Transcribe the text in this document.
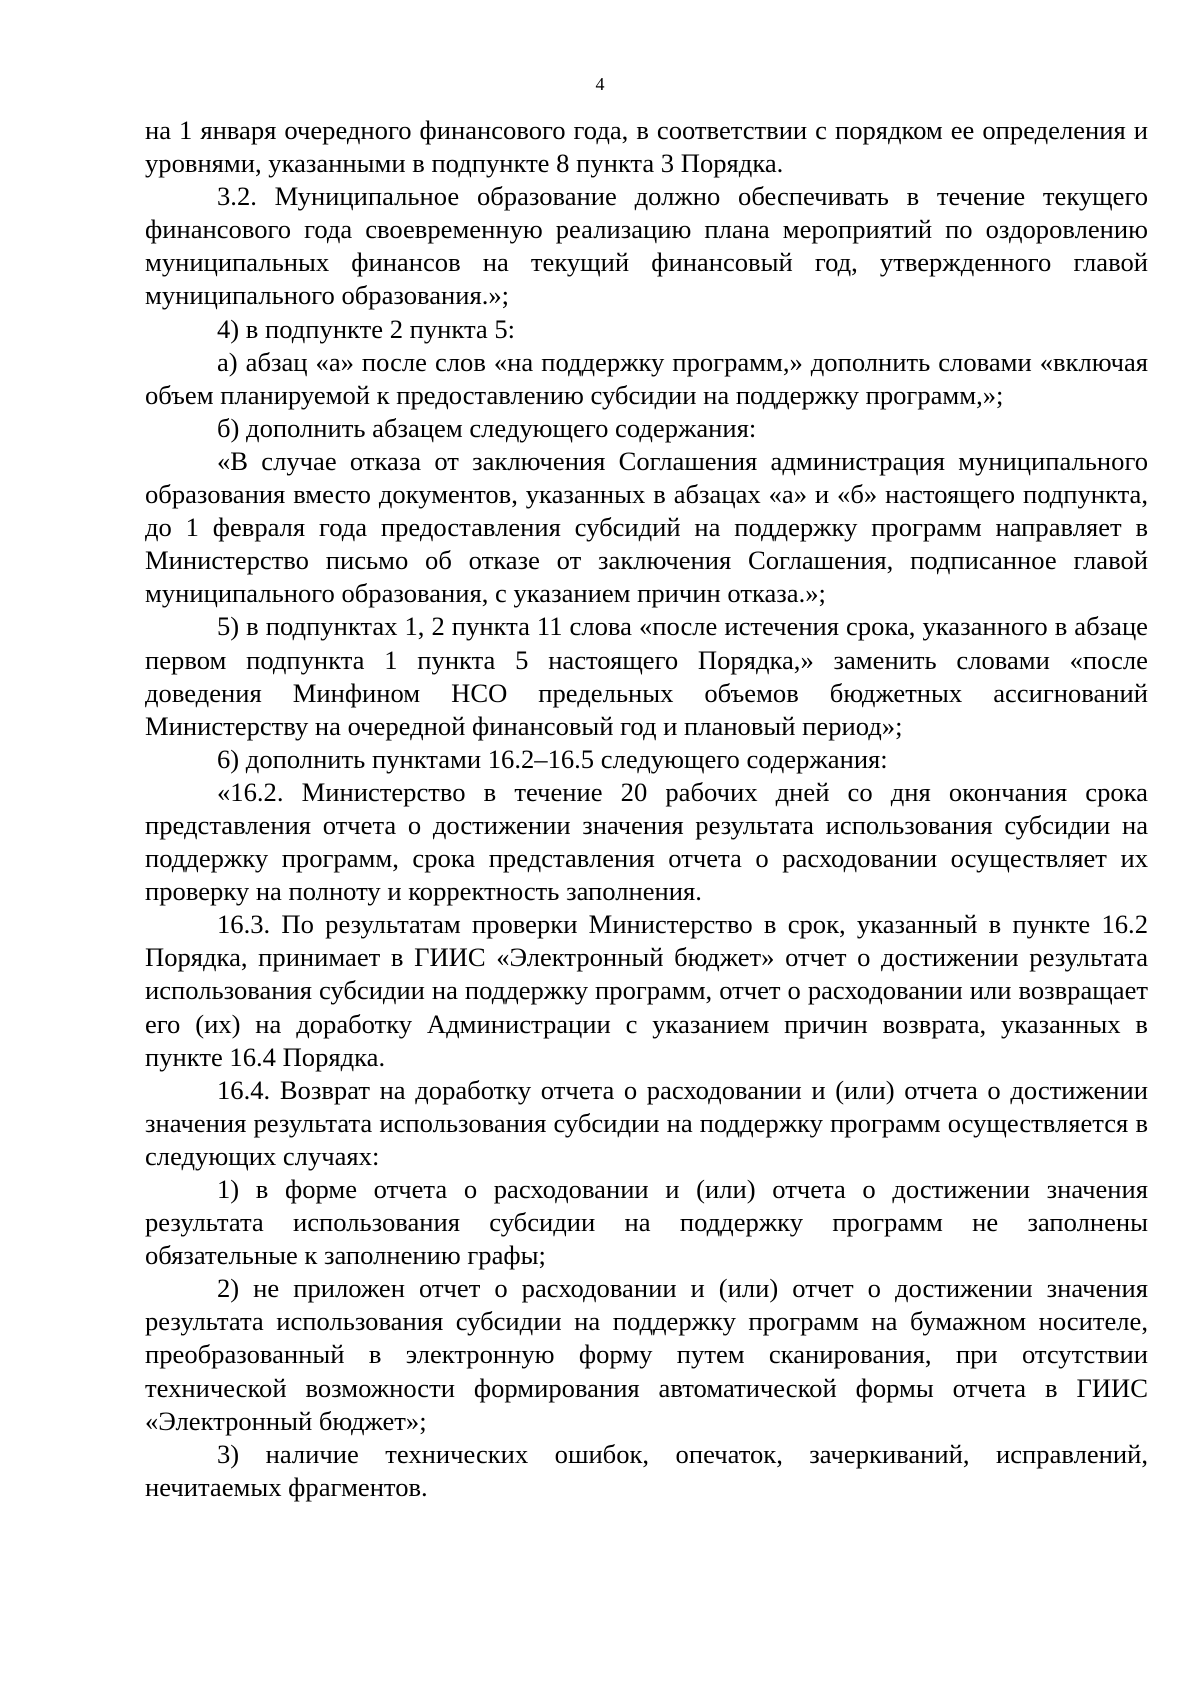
4

на 1 января очередного финансового года, в соответствии с порядком ее определения и уровнями, указанными в подпункте 8 пункта 3 Порядка.

3.2. Муниципальное образование должно обеспечивать в течение текущего финансового года своевременную реализацию плана мероприятий по оздоровлению муниципальных финансов на текущий финансовый год, утвержденного главой муниципального образования.»;

4) в подпункте 2 пункта 5:

а) абзац «а» после слов «на поддержку программ,» дополнить словами «включая объем планируемой к предоставлению субсидии на поддержку программ,»;

б) дополнить абзацем следующего содержания:

«В случае отказа от заключения Соглашения администрация муниципального образования вместо документов, указанных в абзацах «а» и «б» настоящего подпункта, до 1 февраля года предоставления субсидий на поддержку программ направляет в Министерство письмо об отказе от заключения Соглашения, подписанное главой муниципального образования, с указанием причин отказа.»;

5) в подпунктах 1, 2 пункта 11 слова «после истечения срока, указанного в абзаце первом подпункта 1 пункта 5 настоящего Порядка,» заменить словами «после доведения Минфином НСО предельных объемов бюджетных ассигнований Министерству на очередной финансовый год и плановый период»;

6) дополнить пунктами 16.2–16.5 следующего содержания:

«16.2. Министерство в течение 20 рабочих дней со дня окончания срока представления отчета о достижении значения результата использования субсидии на поддержку программ, срока представления отчета о расходовании осуществляет их проверку на полноту и корректность заполнения.

16.3. По результатам проверки Министерство в срок, указанный в пункте 16.2 Порядка, принимает в ГИИС «Электронный бюджет» отчет о достижении результата использования субсидии на поддержку программ, отчет о расходовании или возвращает его (их) на доработку Администрации с указанием причин возврата, указанных в пункте 16.4 Порядка.

16.4. Возврат на доработку отчета о расходовании и (или) отчета о достижении значения результата использования субсидии на поддержку программ осуществляется в следующих случаях:

1) в форме отчета о расходовании и (или) отчета о достижении значения результата использования субсидии на поддержку программ не заполнены обязательные к заполнению графы;

2) не приложен отчет о расходовании и (или) отчет о достижении значения результата использования субсидии на поддержку программ на бумажном носителе, преобразованный в электронную форму путем сканирования, при отсутствии технической возможности формирования автоматической формы отчета в ГИИС «Электронный бюджет»;

3) наличие технических ошибок, опечаток, зачеркиваний, исправлений, нечитаемых фрагментов.
